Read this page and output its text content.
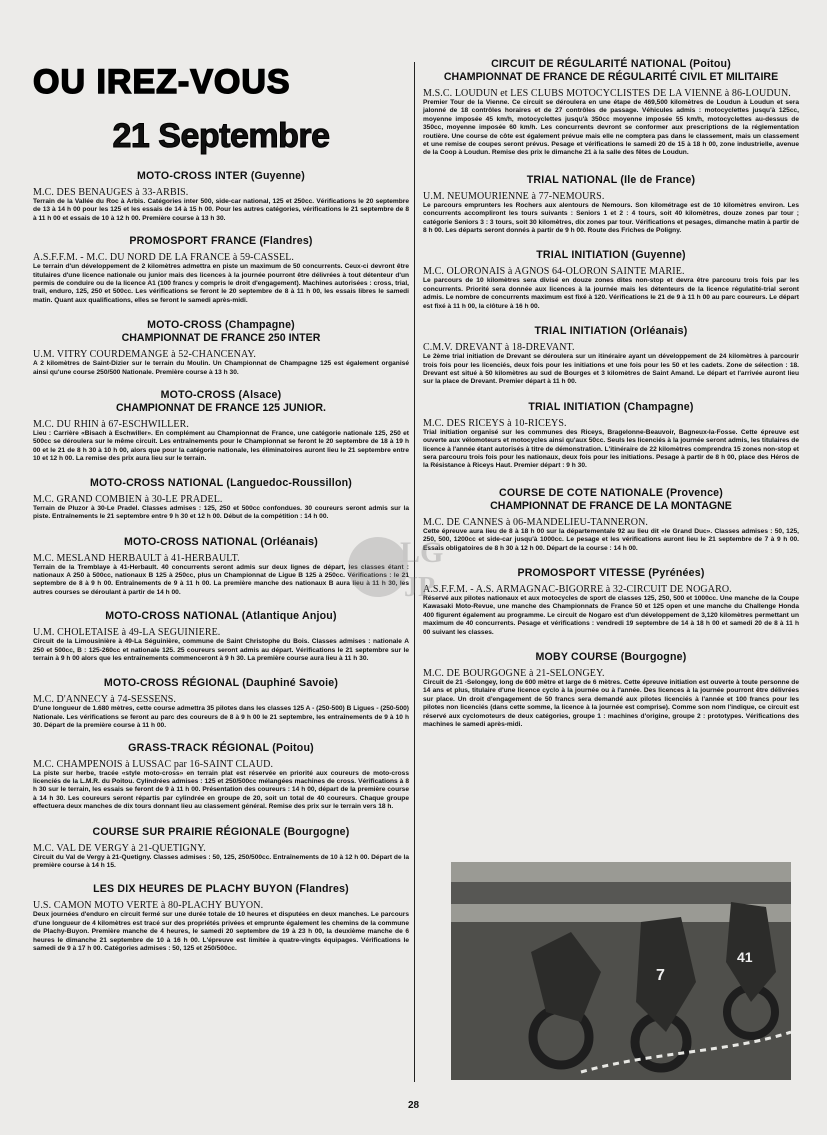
OU IREZ-VOUS
21 Septembre
MOTO-CROSS INTER (Guyenne)
M.C. DES BENAUGES à 33-ARBIS.
Terrain de la Vallée du Roc à Arbis. Catégories inter 500, side-car national, 125 et 250cc. Vérifications le 20 septembre de 13 à 14 h 00 pour les 125 et les essais de 14 à 15 h 00. Pour les autres catégories, vérifications le 21 septembre de 8 à 11 h 00 et essais de 10 à 12 h 00. Première course à 13 h 30.
PROMOSPORT FRANCE (Flandres)
A.S.F.F.M. - M.C. DU NORD DE LA FRANCE à 59-CASSEL.
Le terrain d'un développement de 2 kilomètres admettra en piste un maximum de 50 concurrents. Ceux-ci devront être titulaires d'une licence nationale ou junior mais des licences à la journée pourront être délivrées à tout détenteur d'un permis de conduire ou de la licence A1 (100 francs y compris le droit d'engagement). Machines autorisées : cross, trial, trail, enduro, 125, 250 et 500cc. Les vérifications se feront le 20 septembre de 8 à 11 h 00, les essais libres le samedi matin. Quant aux qualifications, elles se feront le samedi après-midi.
MOTO-CROSS (Champagne)
CHAMPIONNAT DE FRANCE 250 INTER
U.M. VITRY COURDEMANGE à 52-CHANCENAY.
A 2 kilomètres de Saint-Dizier sur le terrain du Moulin. Un Championnat de Champagne 125 est également organisé ainsi qu'une course 250/500 Nationale. Première course à 13 h 30.
MOTO-CROSS (Alsace)
CHAMPIONNAT DE FRANCE 125 JUNIOR.
M.C. DU RHIN à 67-ESCHWILLER.
Lieu : Carrière «Bisach à Eschwiller». En complément au Championnat de France, une catégorie nationale 125, 250 et 500cc se déroulera sur le même circuit. Les entraînements pour le Championnat se feront le 20 septembre de 18 à 19 h 00 et le 21 de 8 h 30 à 10 h 00, alors que pour la catégorie nationale, les éliminatoires auront lieu le 21 septembre entre 10 et 12 h 00. La remise des prix aura lieu sur le terrain.
MOTO-CROSS NATIONAL (Languedoc-Roussillon)
M.C. GRAND COMBIEN à 30-LE PRADEL.
Terrain de Pluzor à 30-Le Pradel. Classes admises : 125, 250 et 500cc confondues. 30 coureurs seront admis sur la piste. Entraînements le 21 septembre entre 9 h 30 et 12 h 00. Début de la compétition : 14 h 00.
MOTO-CROSS NATIONAL (Orléanais)
M.C. MESLAND HERBAULT à 41-HERBAULT.
Terrain de la Tremblaye à 41-Herbault. 40 concurrents seront admis sur deux lignes de départ, les classes étant : nationaux A 250 à 500cc, nationaux B 125 à 250cc, plus un Championnat de Ligue B 125 à 250cc. Vérifications : le 21 septembre de 8 à 9 h 00. Entraînements de 9 à 11 h 00. La première manche des nationaux B aura lieu à 11 h 30, les autres courses se déroulant à partir de 14 h 00.
MOTO-CROSS NATIONAL (Atlantique Anjou)
U.M. CHOLETAISE à 49-LA SEGUINIERE.
Circuit de la Limousinière à 49-La Séguinière, commune de Saint Christophe du Bois. Classes admises : nationale A 250 et 500cc, B : 125-260cc et nationale 125. 25 coureurs seront admis au départ. Vérifications le 21 septembre sur le terrain à 9 h 00 alors que les entraînements commenceront à 9 h 30. La première course aura lieu à 11 h 30.
MOTO-CROSS RÉGIONAL (Dauphiné Savoie)
M.C. D'ANNECY à 74-SESSENS.
D'une longueur de 1.680 mètres, cette course admettra 35 pilotes dans les classes 125 A - (250-500) B Ligues - (250-500) Nationale. Les vérifications se feront au parc des coureurs de 8 à 9 h 00 le 21 septembre, les entraînements de 9 à 10 h 30. Départ de la première course à 11 h 00.
GRASS-TRACK RÉGIONAL (Poitou)
M.C. CHAMPENOIS à LUSSAC par 16-SAINT CLAUD.
La piste sur herbe, tracée «style moto-cross» en terrain plat est réservée en priorité aux coureurs de moto-cross licenciés de la L.M.R. du Poitou. Cylindrées admises : 125 et 250/500cc mélangées machines de cross. Vérifications à 8 h 30 sur le terrain, les essais se feront de 9 à 11 h 00. Présentation des coureurs : 14 h 00, départ de la première course à 14 h 30. Les coureurs seront répartis par cylindrée en groupe de 20, soit un total de 40 coureurs. Chaque groupe effectuera deux manches de dix tours donnant lieu au classement général. Remise des prix sur le terrain vers 18 h.
COURSE SUR PRAIRIE RÉGIONALE (Bourgogne)
M.C. VAL DE VERGY à 21-QUETIGNY.
Circuit du Val de Vergy à 21-Quetigny. Classes admises : 50, 125, 250/500cc. Entraînements de 10 à 12 h 00. Départ de la première course à 14 h 15.
LES DIX HEURES DE PLACHY BUYON (Flandres)
U.S. CAMON MOTO VERTE à 80-PLACHY BUYON.
Deux journées d'enduro en circuit fermé sur une durée totale de 10 heures et disputées en deux manches. Le parcours d'une longueur de 4 kilomètres est tracé sur des propriétés privées et emprunte également les chemins de la commune de Plachy-Buyon. Première manche de 4 heures, le samedi 20 septembre de 19 à 23 h 00, la deuxième manche de 6 heures le dimanche 21 septembre de 10 à 16 h 00. L'épreuve est limitée à quatre-vingts équipages. Vérifications le samedi de 9 à 17 h 00. Catégories admises : 50, 125 et 250/500cc.
CIRCUIT DE RÉGULARITÉ NATIONAL (Poitou)
CHAMPIONNAT DE FRANCE DE RÉGULARITÉ CIVIL ET MILITAIRE
M.S.C. LOUDUN et LES CLUBS MOTOCYCLISTES DE LA VIENNE à 86-LOUDUN.
Premier Tour de la Vienne. Ce circuit se déroulera en une étape de 469,500 kilomètres de Loudun à Loudun et sera jalonné de 18 contrôles horaires et de 27 contrôles de passage. Véhicules admis : motocyclettes jusqu'à 125cc, moyenne imposée 45 km/h, motocyclettes jusqu'à 350cc moyenne imposée 55 km/h, motocyclettes au-dessus de 350cc, moyenne imposée 60 km/h. Les concurrents devront se conformer aux prescriptions de la réglementation routière. Une course de côte est également prévue mais elle ne comptera pas dans le classement, mais un classement et une remise de coupes seront prévus. Pesage et vérifications le samedi 20 de 15 à 18 h 00, zone industrielle, avenue de la Coop à Loudun. Remise des prix le dimanche 21 à la salle des fêtes de Loudun.
TRIAL NATIONAL (Ile de France)
U.M. NEUMOURIENNE à 77-NEMOURS.
Le parcours emprunters les Rochers aux alentours de Nemours. Son kilométrage est de 10 kilomètres environ. Les concurrents accompliront les tours suivants : Seniors 1 et 2 : 4 tours, soit 40 kilomètres, douze zones par tour ; catégorie Seniors 3 : 3 tours, soit 30 kilomètres, dix zones par tour. Vérifications et pesages, dimanche matin à partir de 8 h 00. Les départs seront donnés à partir de 9 h 00. Route des Friches de Poligny.
TRIAL INITIATION (Guyenne)
M.C. OLORONAIS à AGNOS 64-OLORON SAINTE MARIE.
Le parcours de 10 kilomètres sera divisé en douze zones dites non-stop et devra être parcouru trois fois par les concurrents. Priorité sera donnée aux licences à la journée mais les détenteurs de la licence régulatité-trial seront admis. Le nombre de concurrents maximum est fixé à 120. Vérifications le 21 de 9 à 11 h 00 au parc coureurs. Le départ est fixé à 11 h 00, la clôture à 16 h 00.
TRIAL INITIATION (Orléanais)
C.M.V. DREVANT à 18-DREVANT.
Le 2ème trial initiation de Drevant se déroulera sur un itinéraire ayant un développement de 24 kilomètres à parcourir trois fois pour les licenciés, deux fois pour les initiations et une fois pour les 50 et les cadets. Zone de sélection : 18. Drevant est situé à 50 kilomètres au sud de Bourges et 3 kilomètres de Saint Amand. Le départ et l'arrivée auront lieu sur la place de Drevant. Premier départ à 11 h 00.
TRIAL INITIATION (Champagne)
M.C. DES RICEYS à 10-RICEYS.
Trial initiation organisé sur les communes des Riceys, Bragelonne-Beauvoir, Bagneux-la-Fosse. Cette épreuve est ouverte aux vélomoteurs et motocycles ainsi qu'aux 50cc. Seuls les licenciés à la journée seront admis, les titulaires de licence à l'année étant autorisés à titre de démonstration. L'itinéraire de 22 kilomètres comprendra 15 zones non-stop et sera parcouru trois fois pour les nationaux, deux fois pour les initiations. Pesage à partir de 8 h 00, place des Héros de la Résistance à Riceys Haut. Premier départ : 9 h 30.
COURSE DE COTE NATIONALE (Provence)
CHAMPIONNAT DE FRANCE DE LA MONTAGNE
M.C. DE CANNES à 06-MANDELIEU-TANNERON.
Cette épreuve aura lieu de 8 à 18 h 00 sur la départementale 92 au lieu dit «le Grand Duc». Classes admises : 50, 125, 250, 500, 1200cc et side-car jusqu'à 1000cc. Le pesage et les vérifications auront lieu le 21 septembre de 7 à 9 h 00. Essais obligatoires de 8 h 30 à 12 h 00. Départ de la course : 14 h 00.
PROMOSPORT VITESSE (Pyrénées)
A.S.F.F.M. - A.S. ARMAGNAC-BIGORRE à 32-CIRCUIT DE NOGARO.
Réservé aux pilotes nationaux et aux motocycles de sport de classes 125, 250, 500 et 1000cc. Une manche de la Coupe Kawasaki Moto-Revue, une manche des Championnats de France 50 et 125 open et une manche du Challenge Honda 400 figurent également au programme. Le circuit de Nogaro est d'un développement de 3,120 kilomètres permettant un maximum de 40 concurrents. Pesage et vérifications : vendredi 19 septembre de 14 à 18 h 00 et samedi 20 de 8 à 11 h 00 suivant les classes.
MOBY COURSE (Bourgogne)
M.C. DE BOURGOGNE à 21-SELONGEY.
Circuit de 21 -Selongey, long de 600 mètre et large de 6 mètres. Cette épreuve initiation est ouverte à toute personne de 14 ans et plus, titulaire d'une licence cyclo à la journée ou à l'année. Des licences à la journée pourront être délivrées sur place. Un droit d'engagement de 50 francs sera demandé aux pilotes licenciés à l'année et 100 francs pour les pilotes non licenciés (dans cette somme, la licence à la journée est comprise). Comme son nom l'indique, ce circuit est réservé aux cyclomoteurs de deux catégories, groupe 1 : machines d'origine, groupe 2 : prototypes. Vérifications des machines le samedi après-midi.
LG
JP
7
41
28
